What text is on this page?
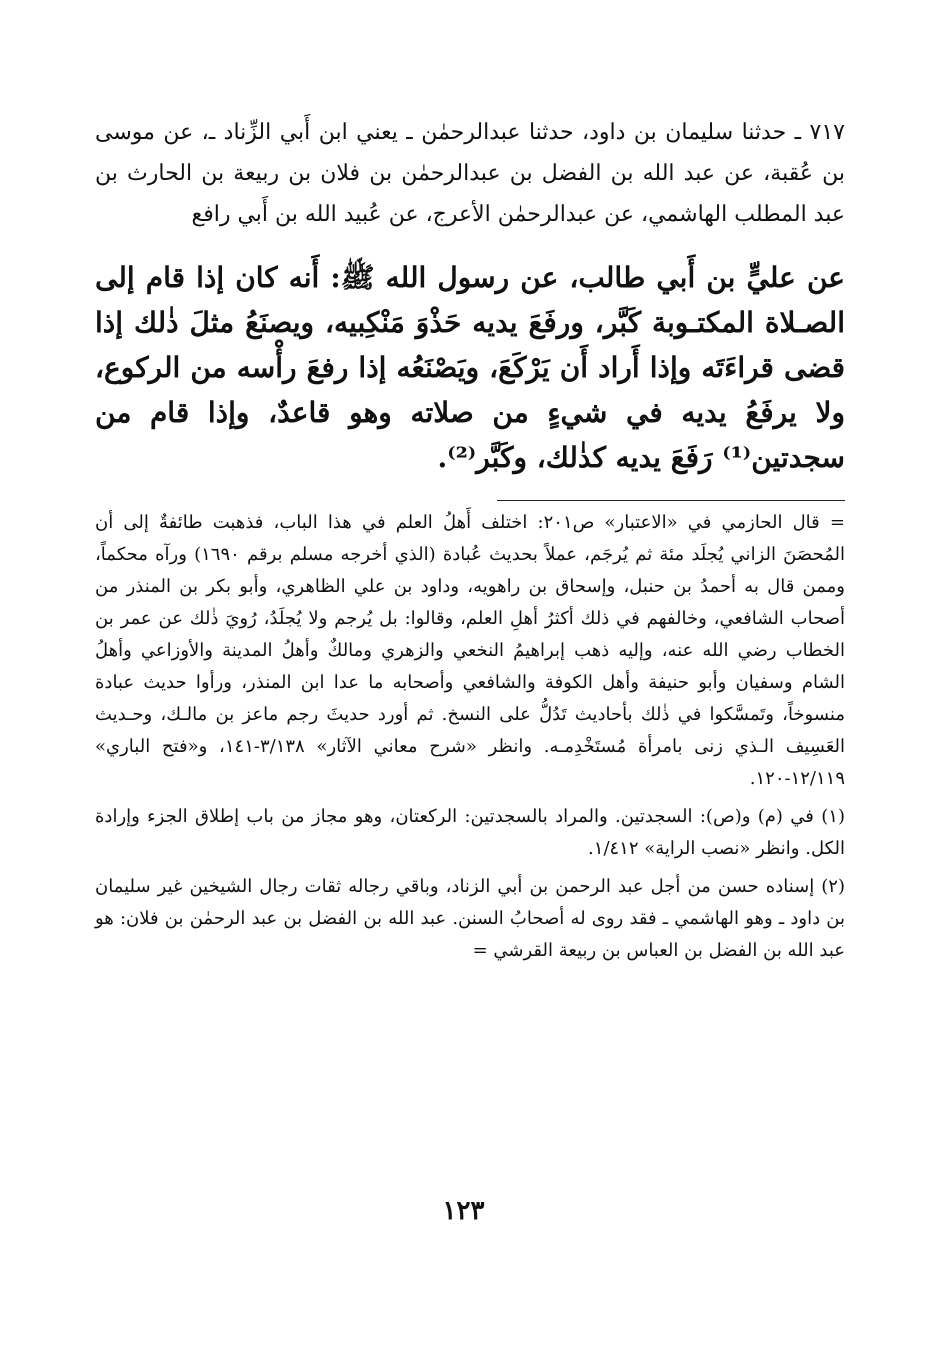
٧١٧ ـ حدثنا سليمان بن داود، حدثنا عبدالرحمٰن ـ يعني ابن أَبي الزِّناد ـ، عن موسى بن عُقبة، عن عبد الله بن الفضل بن عبدالرحمٰن بن فلان بن ربيعة بن الحارث بن عبد المطلب الهاشمي، عن عبدالرحمٰن الأعرج، عن عُبيد الله بن أَبي رافع

عن عليٍّ بن أَبي طالب، عن رسول الله ﷺ: أَنه كان إذا قام إلى الصـلاة المكتـوبة كَبَّر، ورفَعَ يديه حَذْوَ مَنْكِبيه، ويصنَعُ مثلَ ذٰلك إذا قضى قراءَتَه وإذا أَراد أَن يَرْكَعَ، ويَصْنَعُه إذا رفعَ رأْسه من الركوع، ولا يرفَعُ يديه في شيءٍ من صلاته وهو قاعدٌ، وإذا قام من سجدتين⁽¹⁾ رَفَعَ يديه كذٰلك، وكَبَّر⁽²⁾.

= قال الحازمي في «الاعتبار» ص٢٠١: اختلف أَهلُ العلم في هذا الباب، فذهبت طائفةٌ إلى أن المُحصَنَ الزاني يُجلَد مئة ثم يُرجَم، عملاً بحديث عُبادة (الذي أخرجه مسلم برقم ١٦٩٠) ورآه محكماً، وممن قال به أحمدُ بن حنبل، وإسحاق بن راهويه، وداود بن علي الظاهري، وأبو بكر بن المنذر من أصحاب الشافعي، وخالفهم في ذلك أكثرُ أهلِ العلم، وقالوا: بل يُرجم ولا يُجلَدُ، رُويَ ذٰلك عن عمر بن الخطاب رضي الله عنه، وإليه ذهب إبراهيمُ النخعي والزهري ومالكٌ وأهلُ المدينة والأوزاعي وأهلُ الشام وسفيان وأبو حنيفة وأهل الكوفة والشافعي وأصحابه ما عدا ابن المنذر، ورأوا حديث عبادة منسوخاً، وتَمسَّكوا في ذٰلك بأحاديث تَدُلُّ على النسخ. ثم أورد حديثَ رجم ماعز بن مالـك، وحـديث العَسِيف الـذي زنى بامرأة مُستَخْدِمـه. وانظر «شرح معاني الآثار» ٣/١٣٨-١٤١، و«فتح الباري» ١٢/١١٩-١٢٠.

(١) في (م) و(ص): السجدتين. والمراد بالسجدتين: الركعتان، وهو مجاز من باب إطلاق الجزء وإرادة الكل. وانظر «نصب الراية» ١/٤١٢.

(٢) إسناده حسن من أجل عبد الرحمن بن أبي الزناد، وباقي رجاله ثقات رجال الشيخين غير سليمان بن داود ـ وهو الهاشمي ـ فقد روى له أصحابُ السنن. عبد الله بن الفضل بن عبد الرحمٰن بن فلان: هو عبد الله بن الفضل بن العباس بن ربيعة القرشي =

١٢٣
